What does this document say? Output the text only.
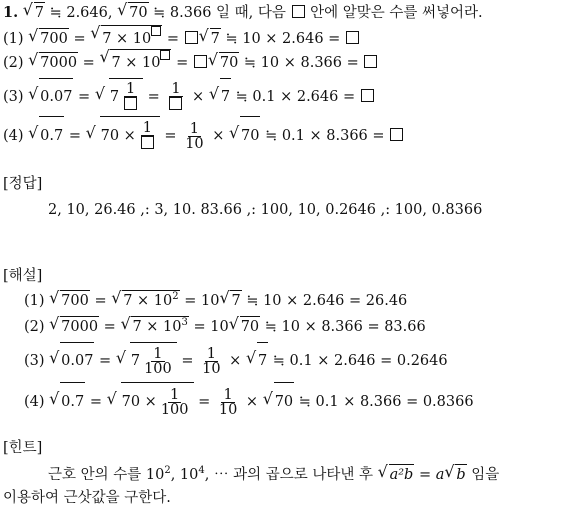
1. √ 7 ≒ 2.646, √ 70 ≒ 8.366 일 때, 다음 안에 알맞은 수를 써넣어라.
(1) √ 700 = √ 7 × 10 = √ 7 ≒ 10 × 2.646 =
(2) √ 7000 = √ 7 × 10 = √ 70 ≒ 10 × 8.366 =
(3) √ 0.07 =
√ 7 1 = 1 × √ 7 ≒ 0.1 × 2.646 =
(4) √ 0.7 =
√ $70 \times 1 = \frac{1}{10}$ × √ 70 ≒ 0.1 × 8.366 =
[정답]
2, 10, 26.46 ,: 3, 10. 83.66 ,: 100, 10, 0.2646 ,: 100, 0.8366
[해설]
(1) √ 700 = √ $7 \times 10^2 = 10√$ 7 ≒ 10 × 2.646 = 26.46
(2) √ 7000 = √ $7 \times 10^3 = 10√$ 70 ≒ 10 × 8.366 = 83.66
(3) √ 0.07 =
√ $7 \frac{1}{100} = \frac{1}{10}$ × √ 7 ≒ 0.1 × 2.646 = 0.2646
(4) √ 0.7 =
√ $70 \times \frac{1}{100} = \frac{1}{10}$ × √ 70 ≒ 0.1 × 8.366 = 0.8366
[힌트]
근호 안의 수를 $10^2$, $10^4$, ⋯ 과의 곱으로 나타낸 후 √ a²b = a√ b 임을
이용하여 근삿값을 구한다.
